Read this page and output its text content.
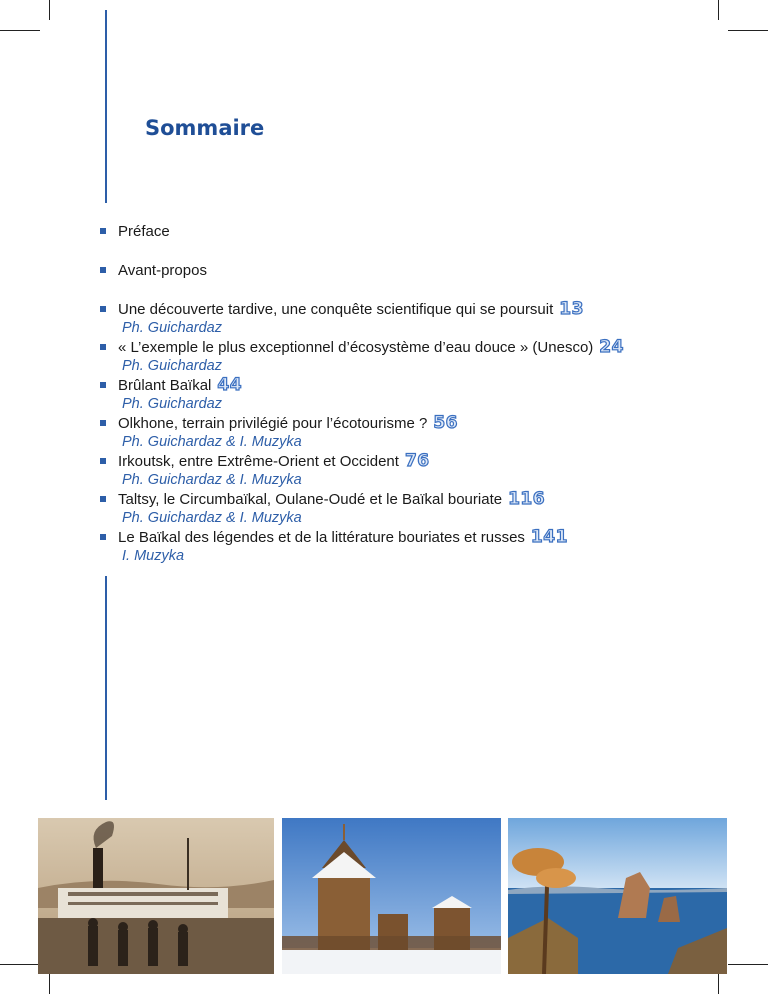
Sommaire
Préface
Avant-propos
Une découverte tardive, une conquête scientifique qui se poursuit 13
Ph. Guichardaz
« L’exemple le plus exceptionnel d’écosystème d’eau douce » (Unesco) 24
Ph. Guichardaz
Brûlant Baïkal 44
Ph. Guichardaz
Olkhone, terrain privilégié pour l’écotourisme ? 56
Ph. Guichardaz & I. Muzyka
Irkoutsk, entre Extrême-Orient et Occident 76
Ph. Guichardaz & I. Muzyka
Taltsy, le Circumbaïkal, Oulane-Oudé et le Baïkal bouriate 116
Ph. Guichardaz & I. Muzyka
Le Baïkal des légendes et de la littérature bouriates et russes 141
I. Muzyka
